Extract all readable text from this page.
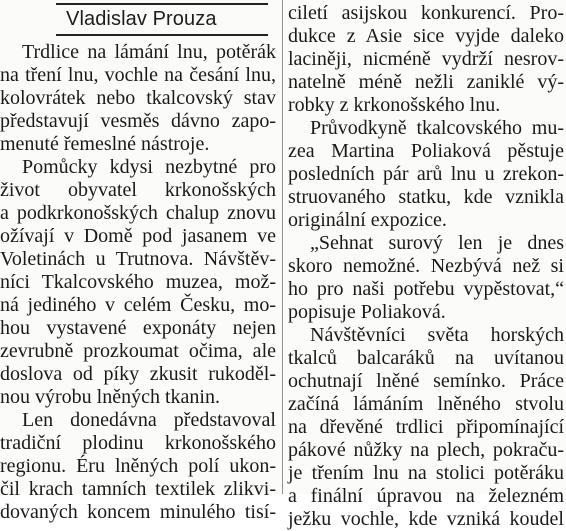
Vladislav Prouza
Trdlice na lámání lnu, potěrák
na tření lnu, vochle na česání lnu,
kolovrátek nebo tkalcovský stav
představují vesměs dávno zapo-
menuté řemeslné nástroje.
Pomůcky kdysi nezbytné pro
život obyvatel krkonošských
a podkrkonošských chalup znovu
ožívají v Domě pod jasanem ve
Voletinách u Trutnova. Návštěv-
níci Tkalcovského muzea, mož-
ná jediného v celém Česku, mo-
hou vystavené exponáty nejen
zevrubně prozkoumat očima, ale
doslova od píky zkusit rukoděl-
nou výrobu lněných tkanin.
Len donedávna představoval
tradiční plodinu krkonošského
regionu. Éru lněných polí ukon-
čil krach tamních textilek zlikvi-
dovaných koncem minulého tisí-
ciletí asijskou konkurencí. Pro-
dukce z Asie sice vyjde daleko
laciněji, nicméně vydrží nesrov-
natelně méně nežli zaniklé vý-
robky z krkonošského lnu.
Průvodkyně tkalcovského mu-
zea Martina Poliaková pěstuje
posledních pár arů lnu u zrekon-
struovaného statku, kde vznikla
originální expozice.
„Sehnat surový len je dnes
skoro nemožné. Nezbývá než si
ho pro naši potřebu vypěstovat,“
popisuje Poliaková.
Návštěvníci světa horských
tkalců balcaráků na uvítanou
ochutnají lněné semínko. Práce
začíná lámáním lněného stvolu
na dřevěné trdlici připomínající
pákové nůžky na plech, pokraču-
je třením lnu na stolici potěráku
a finální úpravou na železném
ježku vochle, kde vzniká koudel
